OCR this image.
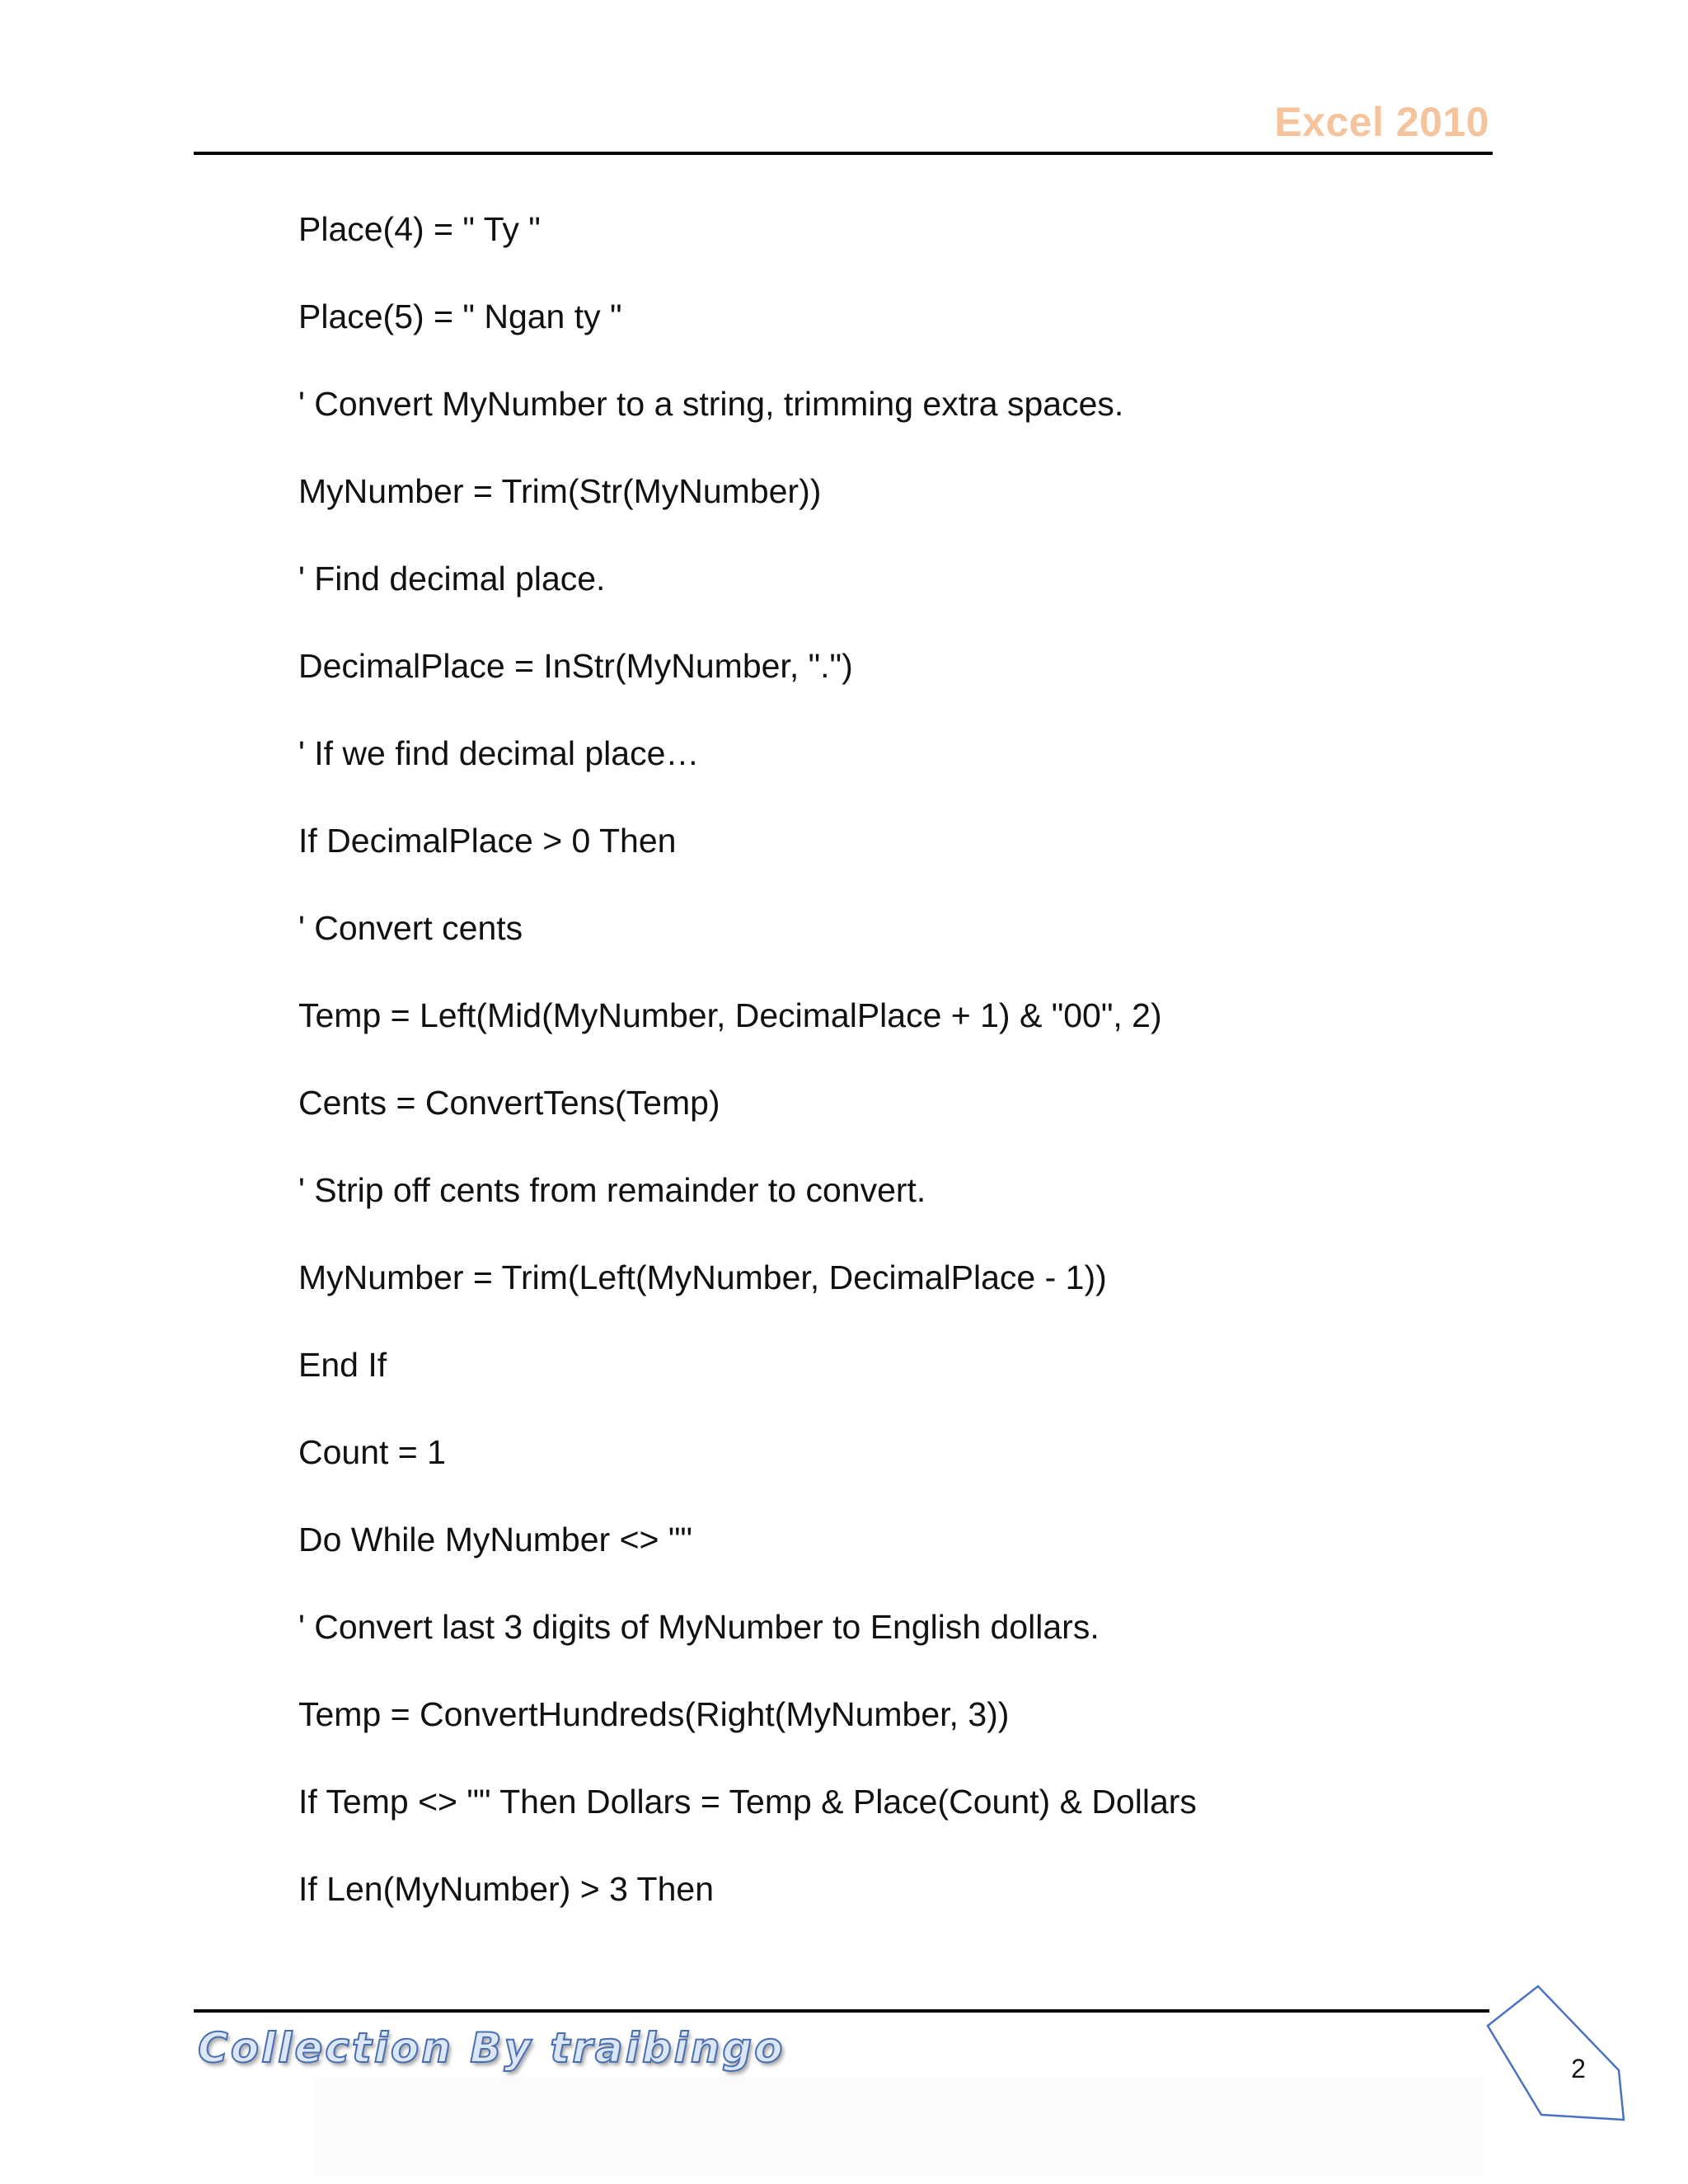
Excel 2010
Place(4) = " Ty "
Place(5) = " Ngan ty "
' Convert MyNumber to a string, trimming extra spaces.
MyNumber = Trim(Str(MyNumber))
' Find decimal place.
DecimalPlace = InStr(MyNumber, ".")
' If we find decimal place…
If DecimalPlace > 0 Then
' Convert cents
Temp = Left(Mid(MyNumber, DecimalPlace + 1) & "00", 2)
Cents = ConvertTens(Temp)
' Strip off cents from remainder to convert.
MyNumber = Trim(Left(MyNumber, DecimalPlace - 1))
End If
Count = 1
Do While MyNumber <> ""
' Convert last 3 digits of MyNumber to English dollars.
Temp = ConvertHundreds(Right(MyNumber, 3))
If Temp <> "" Then Dollars = Temp & Place(Count) & Dollars
If Len(MyNumber) > 3 Then
Collection By traibingo	2
